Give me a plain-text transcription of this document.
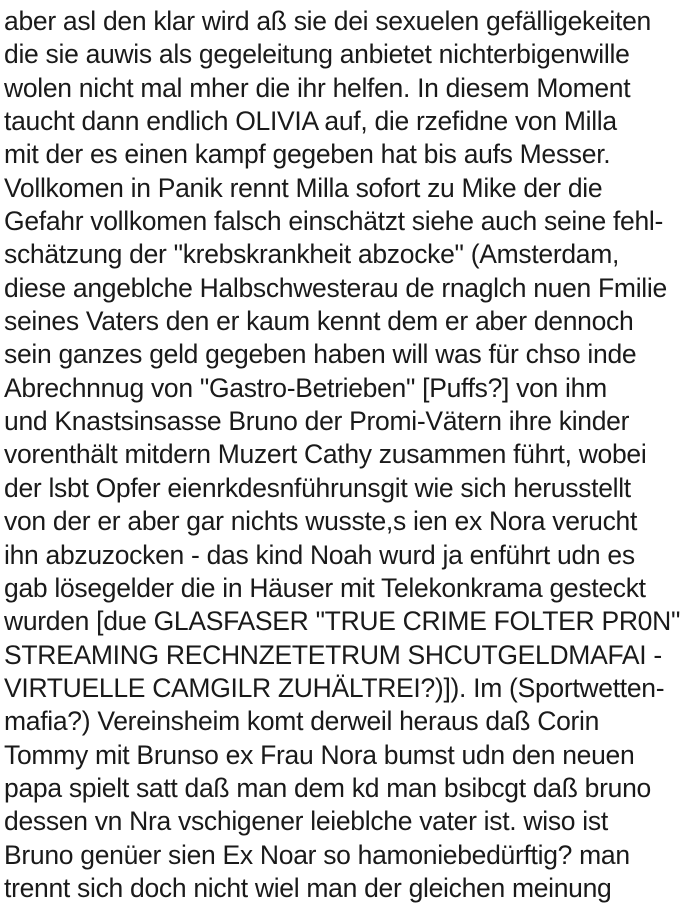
aber asl den klar wird aß sie dei sexuelen gefälligekeiten
die sie auwis als gegeleitung anbietet nichterbigenwille
wolen nicht mal mher die ihr helfen. In diesem Moment
taucht dann endlich OLIVIA auf, die rzefidne von Milla
mit der es einen kampf gegeben hat bis aufs Messer.
Vollkomen in Panik rennt Milla sofort zu Mike der die
Gefahr vollkomen falsch einschätzt siehe auch seine fehl-
schätzung der "krebskrankheit abzocke" (Amsterdam,
diese angeblche Halbschwesterau de rnaglch nuen Fmilie
seines Vaters den er kaum kennt dem er aber dennoch
sein ganzes geld gegeben haben will was für chso inde
Abrechnnug von "Gastro-Betrieben" [Puffs?] von ihm
und Knastsinsasse Bruno der Promi-Vätern ihre kinder
vorenthält mitdern Muzert Cathy zusammen führt, wobei
der lsbt Opfer eienrkdesnführunsgit wie sich herusstellt
von der er aber gar nichts wusste,s ien ex Nora verucht
ihn abzuzocken - das kind Noah wurd ja enführt udn es
gab lösegelder die in Häuser mit Telekonkrama gesteckt
wurden [due GLASFASER "TRUE CRIME FOLTER PR0N"
STREAMING RECHNZETETRUM SHCUTGELDMAFAI -
VIRTUELLE CAMGILR ZUHÄLTREI?)]). Im (Sportwetten-
mafia?) Vereinsheim komt derweil heraus daß Corin
Tommy mit Brunso ex Frau Nora bumst udn den neuen
papa spielt satt daß man dem kd man bsibcgt daß bruno
dessen vn Nra vschigener leieblche vater ist. wiso ist
Bruno genüer sien Ex Noar so hamoniebedürftig? man
trennt sich doch nicht wiel man der gleichen meinung
